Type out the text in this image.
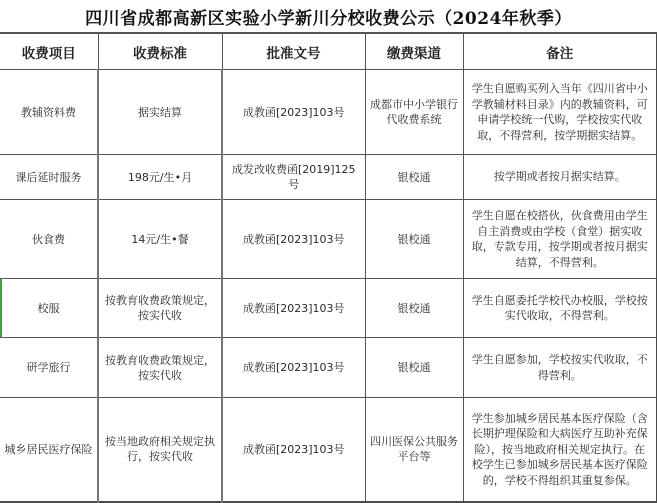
四川省成都高新区实验小学新川分校收费公示（2024年秋季）
收费项目	收费标准	批准文号	缴费渠道	备注
教辅资料费	据实结算	成教函[2023]103号	成都市中小学银行代收费系统	学生自愿购买列入当年《四川省中小学教辅材料目录》内的教辅资料，可申请学校统一代购，学校按实代收取，不得营利，按学期据实结算。
课后延时服务	198元/生•月	成发改收费函[2019]125号	银校通	按学期或者按月据实结算。
伙食费	14元/生•餐	成教函[2023]103号	银校通	学生自愿在校搭伙，伙食费用由学生自主消费或由学校（食堂）据实收取，专款专用，按学期或者按月据实结算，不得营利。
校服	按教育收费政策规定，按实代收	成教函[2023]103号	银校通	学生自愿委托学校代办校服，学校按实代收取，不得营利。
研学旅行	按教育收费政策规定，按实代收	成教函[2023]103号	银校通	学生自愿参加，学校按实代收取，不得营利。
城乡居民医疗保险	按当地政府相关规定执行，按实代收	成教函[2023]103号	四川医保公共服务平台等	学生参加城乡居民基本医疗保险（含长期护理保险和大病医疗互助补充保险），按当地政府相关规定执行。在校学生已参加城乡居民基本医疗保险的，学校不得组织其重复参保。
